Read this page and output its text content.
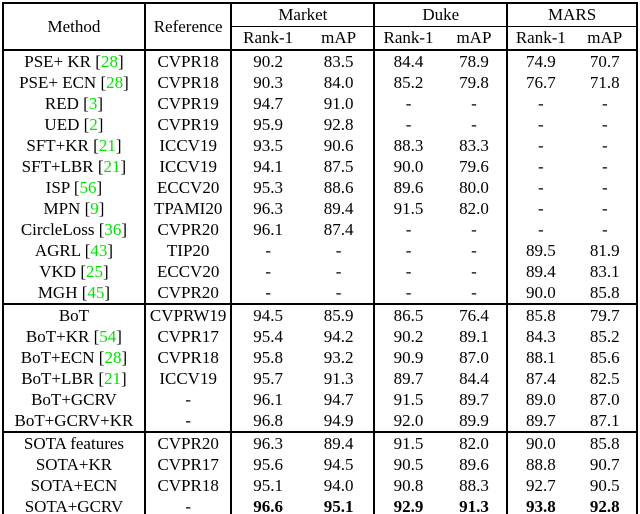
Method	Reference	Market		Duke		MARS	
		Rank-1	mAP	Rank-1	mAP	Rank-1	mAP
PSE+ KR [28]	CVPR18	90.2	83.5	84.4	78.9	74.9	70.7
PSE+ ECN [28]	CVPR18	90.3	84.0	85.2	79.8	76.7	71.8
RED [3]	CVPR19	94.7	91.0	-	-	-	-
UED [2]	CVPR19	95.9	92.8	-	-	-	-
SFT+KR [21]	ICCV19	93.5	90.6	88.3	83.3	-	-
SFT+LBR [21]	ICCV19	94.1	87.5	90.0	79.6	-	-
ISP [56]	ECCV20	95.3	88.6	89.6	80.0	-	-
MPN [9]	TPAMI20	96.3	89.4	91.5	82.0	-	-
CircleLoss [36]	CVPR20	96.1	87.4	-	-	-	-
AGRL [43]	TIP20	-	-	-	-	89.5	81.9
VKD [25]	ECCV20	-	-	-	-	89.4	83.1
MGH [45]	CVPR20	-	-	-	-	90.0	85.8
BoT	CVPRW19	94.5	85.9	86.5	76.4	85.8	79.7
BoT+KR [54]	CVPR17	95.4	94.2	90.2	89.1	84.3	85.2
BoT+ECN [28]	CVPR18	95.8	93.2	90.9	87.0	88.1	85.6
BoT+LBR [21]	ICCV19	95.7	91.3	89.7	84.4	87.4	82.5
BoT+GCRV	-	96.1	94.7	91.5	89.7	89.0	87.0
BoT+GCRV+KR	-	96.8	94.9	92.0	89.9	89.7	87.1
SOTA features	CVPR20	96.3	89.4	91.5	82.0	90.0	85.8
SOTA+KR	CVPR17	95.6	94.5	90.5	89.6	88.8	90.7
SOTA+ECN	CVPR18	95.1	94.0	90.8	88.3	92.7	90.5
SOTA+GCRV	-	96.6	95.1	92.9	91.3	93.8	92.8
